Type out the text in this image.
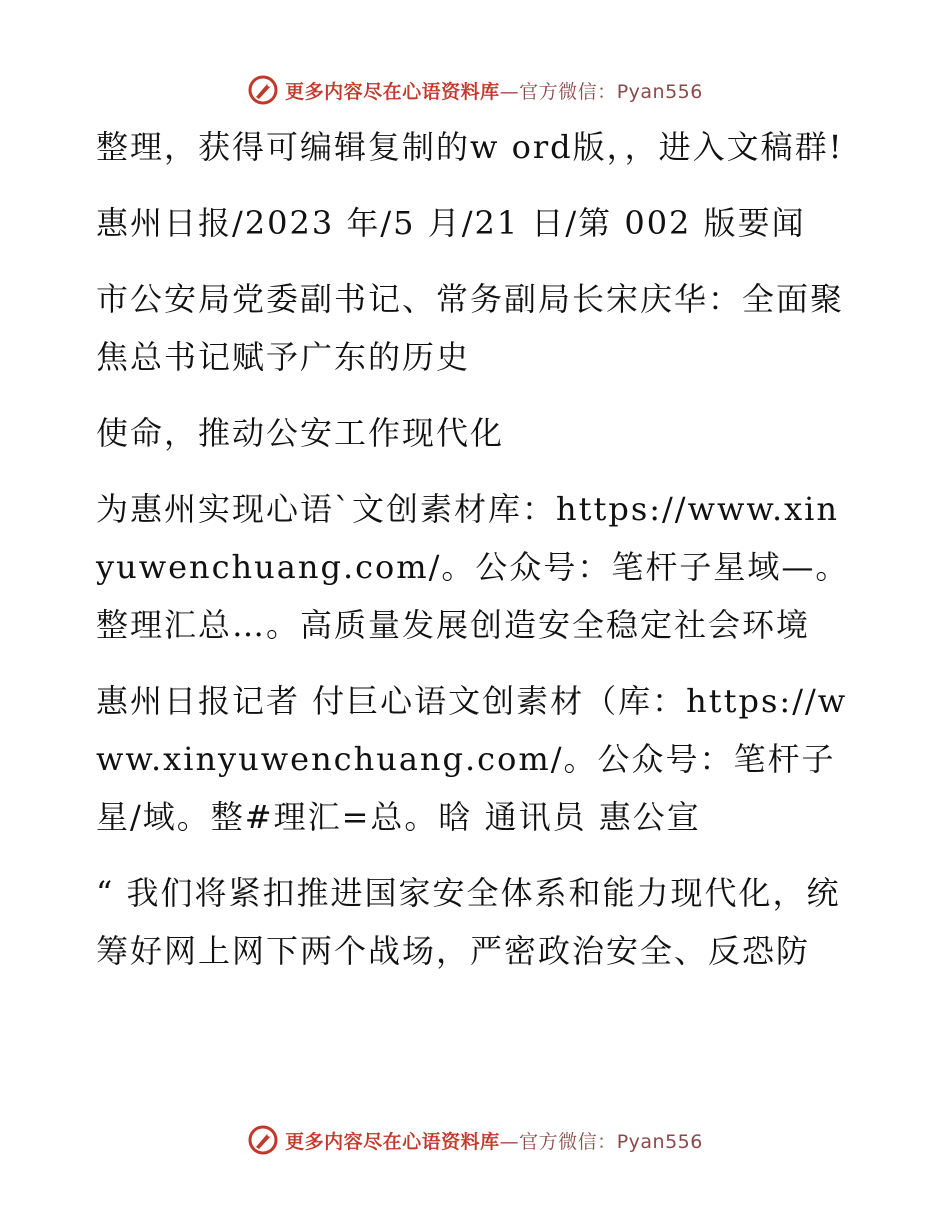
更多内容尽在心语资料库—官方微信：Pyan556

整理，获得可编辑复制的w ord版，，进入文稿群!

惠州日报/2023 年/5 月/21 日/第 002 版要闻

市公安局党委副书记、常务副局长宋庆华：全面聚焦总书记赋予广东的历史

使命，推动公安工作现代化

为惠州实现心语`文创素材库：https://www.xinyuwenchuang.com/。公众号：笔杆子星域—。整理汇总…。高质量发展创造安全稳定社会环境

惠州日报记者 付巨心语文创素材（库：https://www.xinyuwenchuang.com/。公众号：笔杆子星/域。整#理汇=总。晗 通讯员 惠公宣

“ 我们将紧扣推进国家安全体系和能力现代化，统筹好网上网下两个战场，严密政治安全、反恐防

更多内容尽在心语资料库—官方微信：Pyan556
